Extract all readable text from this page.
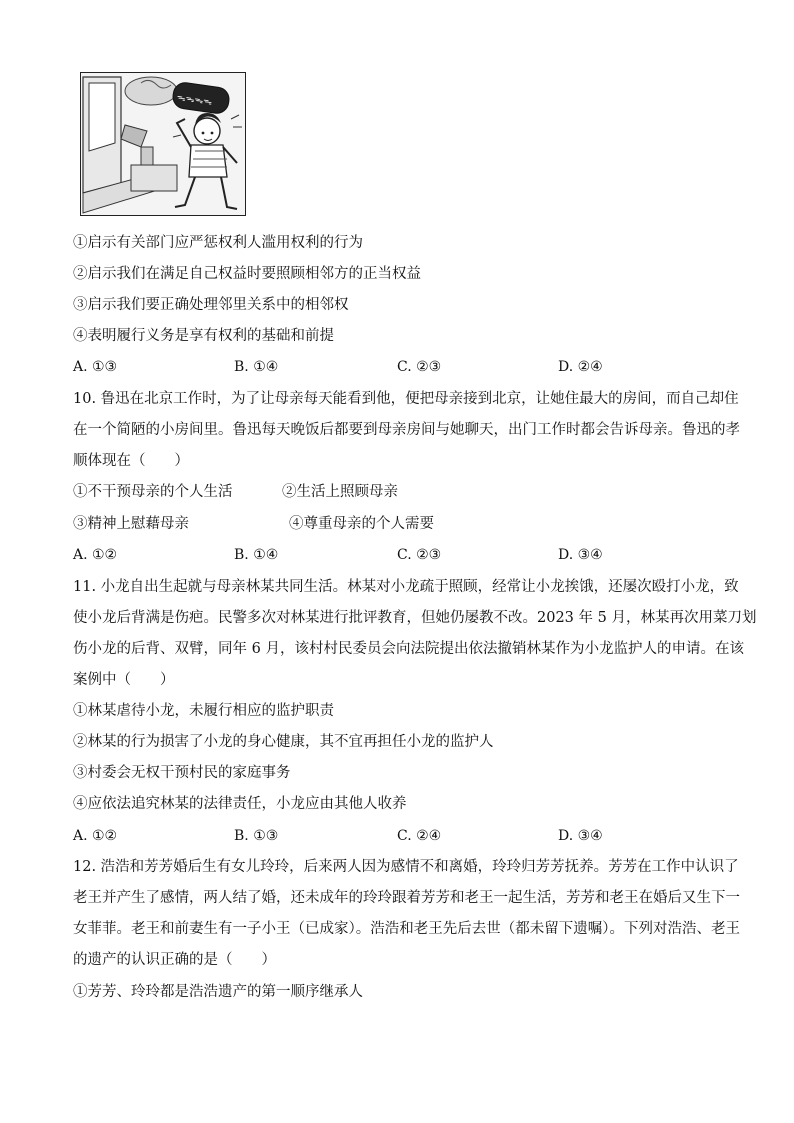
ᯓᯓᯓᯓ
①启示有关部门应严惩权利人滥用权利的行为
②启示我们在满足自己权益时要照顾相邻方的正当权益
③启示我们要正确处理邻里关系中的相邻权
④表明履行义务是享有权利的基础和前提
A. ①③	B. ①④	C. ②③	D. ②④
10. 鲁迅在北京工作时，为了让母亲每天能看到他，便把母亲接到北京，让她住最大的房间，而自己却住
在一个简陋的小房间里。鲁迅每天晚饭后都要到母亲房间与她聊天，出门工作时都会告诉母亲。鲁迅的孝
顺体现在（　　）
①不干预母亲的个人生活	②生活上照顾母亲
③精神上慰藉母亲	④尊重母亲的个人需要
A. ①②	B. ①④	C. ②③	D. ③④
11. 小龙自出生起就与母亲林某共同生活。林某对小龙疏于照顾，经常让小龙挨饿，还屡次殴打小龙，致
使小龙后背满是伤疤。民警多次对林某进行批评教育，但她仍屡教不改。2023 年 5 月，林某再次用菜刀划
伤小龙的后背、双臂，同年 6 月，该村村民委员会向法院提出依法撤销林某作为小龙监护人的申请。在该
案例中（　　）
①林某虐待小龙，未履行相应的监护职责
②林某的行为损害了小龙的身心健康，其不宜再担任小龙的监护人
③村委会无权干预村民的家庭事务
④应依法追究林某的法律责任，小龙应由其他人收养
A. ①②	B. ①③	C. ②④	D. ③④
12. 浩浩和芳芳婚后生有女儿玲玲，后来两人因为感情不和离婚，玲玲归芳芳抚养。芳芳在工作中认识了
老王并产生了感情，两人结了婚，还未成年的玲玲跟着芳芳和老王一起生活，芳芳和老王在婚后又生下一
女菲菲。老王和前妻生有一子小王（已成家）。浩浩和老王先后去世（都未留下遗嘱）。下列对浩浩、老王
的遗产的认识正确的是（　　）
①芳芳、玲玲都是浩浩遗产的第一顺序继承人
